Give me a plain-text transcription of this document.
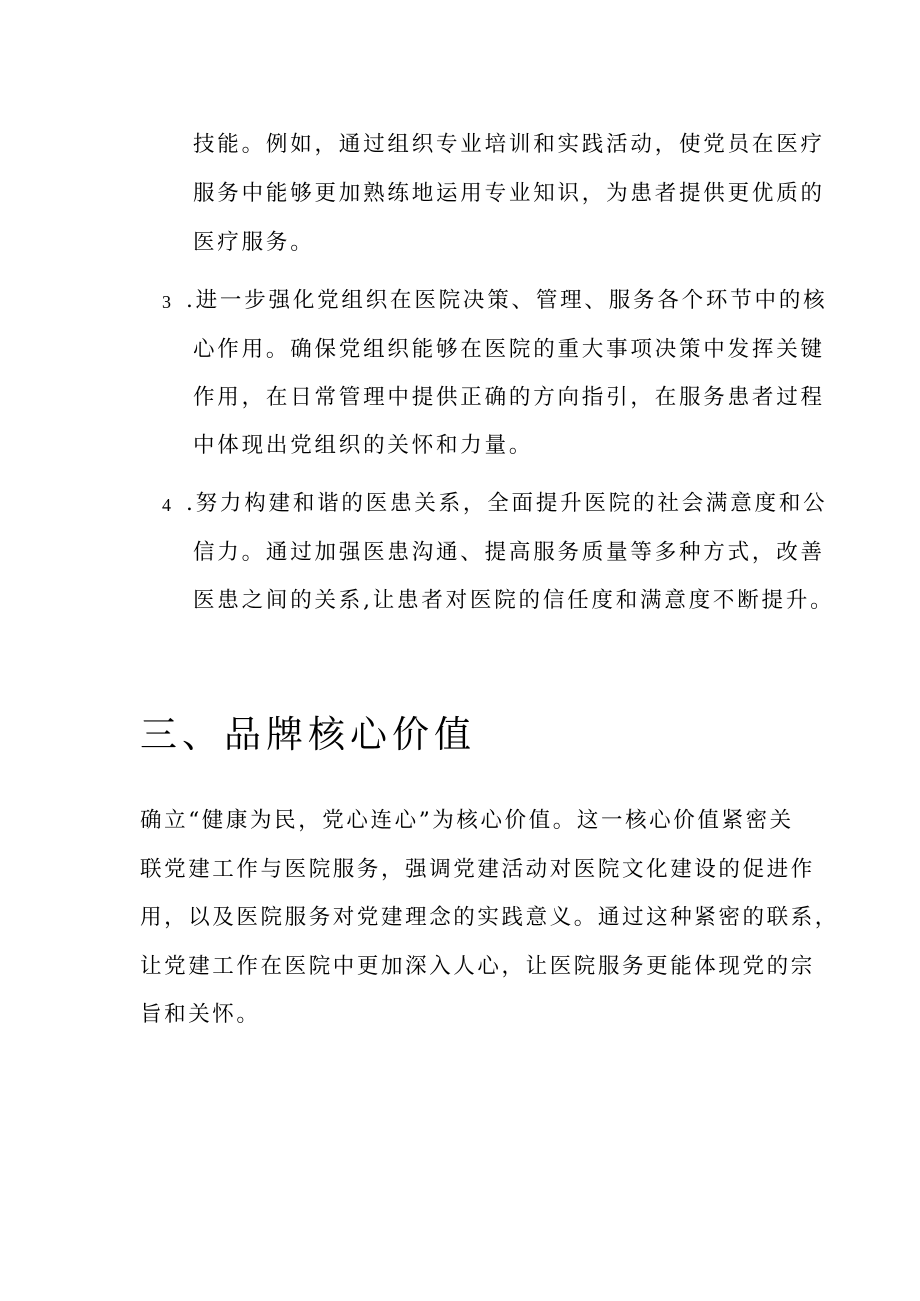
技能。例如，通过组织专业培训和实践活动，使党员在医疗
服务中能够更加熟练地运用专业知识，为患者提供更优质的
医疗服务。
3 .进一步强化党组织在医院决策、管理、服务各个环节中的核
心作用。确保党组织能够在医院的重大事项决策中发挥关键
作用，在日常管理中提供正确的方向指引，在服务患者过程
中体现出党组织的关怀和力量。
4 .努力构建和谐的医患关系，全面提升医院的社会满意度和公
信力。通过加强医患沟通、提高服务质量等多种方式，改善
医患之间的关系,让患者对医院的信任度和满意度不断提升。
三、品牌核心价值
确立“健康为民，党心连心”为核心价值。这一核心价值紧密关
联党建工作与医院服务，强调党建活动对医院文化建设的促进作
用，以及医院服务对党建理念的实践意义。通过这种紧密的联系，
让党建工作在医院中更加深入人心，让医院服务更能体现党的宗
旨和关怀。
